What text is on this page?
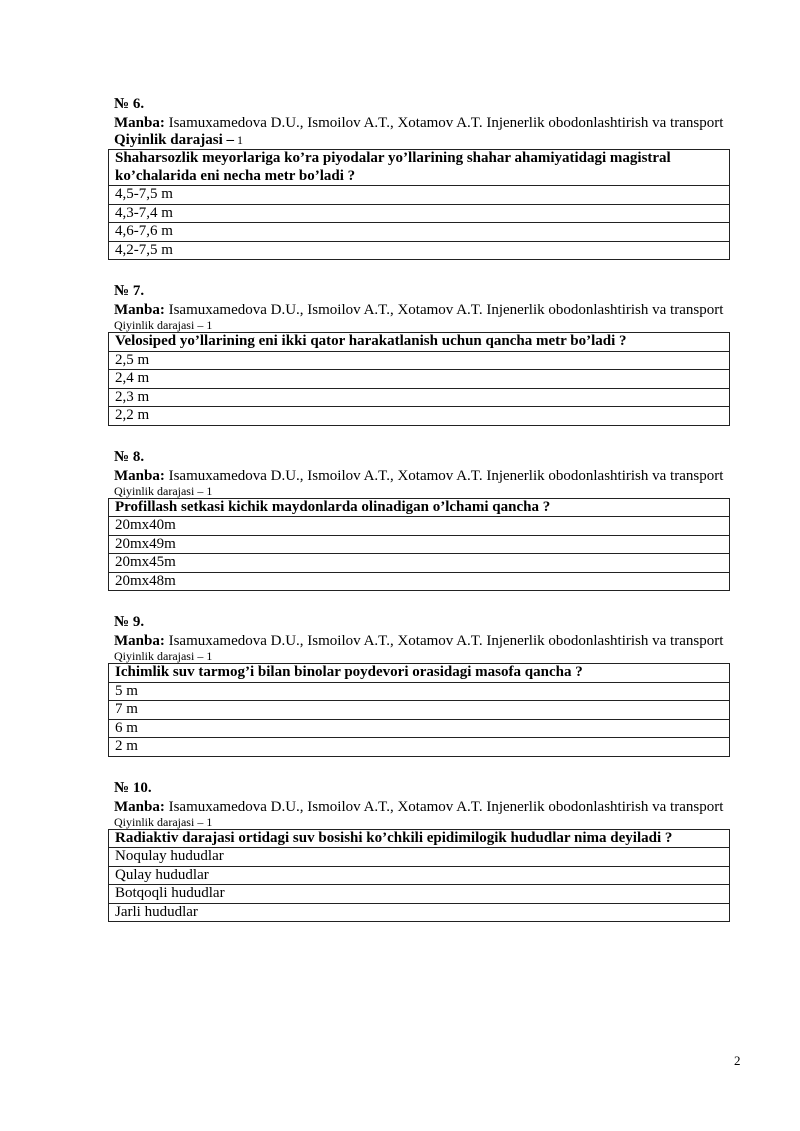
№ 6.
Manba: Isamuxamedova D.U., Ismoilov A.T., Xotamov A.T. Injenerlik obodonlashtirish va transport
Qiyinlik darajasi – 1
Shaharsozlik meyorlariga ko’ra piyodalar yo’llarining shahar ahamiyatidagi magistral ko’chalarida eni necha metr bo’ladi ?
4,5-7,5 m
4,3-7,4 m
4,6-7,6 m
4,2-7,5 m
№ 7.
Manba: Isamuxamedova D.U., Ismoilov A.T., Xotamov A.T. Injenerlik obodonlashtirish va transport
Qiyinlik darajasi – 1
Velosiped yo’llarining eni ikki qator harakatlanish uchun qancha metr bo’ladi ?
2,5 m
2,4 m
2,3 m
2,2 m
№ 8.
Manba: Isamuxamedova D.U., Ismoilov A.T., Xotamov A.T. Injenerlik obodonlashtirish va transport
Qiyinlik darajasi – 1
Profillash setkasi kichik maydonlarda olinadigan o’lchami qancha ?
20mx40m
20mx49m
20mx45m
20mx48m
№ 9.
Manba: Isamuxamedova D.U., Ismoilov A.T., Xotamov A.T. Injenerlik obodonlashtirish va transport
Qiyinlik darajasi – 1
Ichimlik suv tarmog’i bilan binolar poydevori orasidagi masofa qancha ?
5 m
7 m
6 m
2 m
№ 10.
Manba: Isamuxamedova D.U., Ismoilov A.T., Xotamov A.T. Injenerlik obodonlashtirish va transport
Qiyinlik darajasi – 1
Radiaktiv darajasi ortidagi suv bosishi ko’chkili epidimilogik hududlar nima deyiladi ?
Noqulay hududlar
Qulay hududlar
Botqoqli hududlar
Jarli hududlar
2
